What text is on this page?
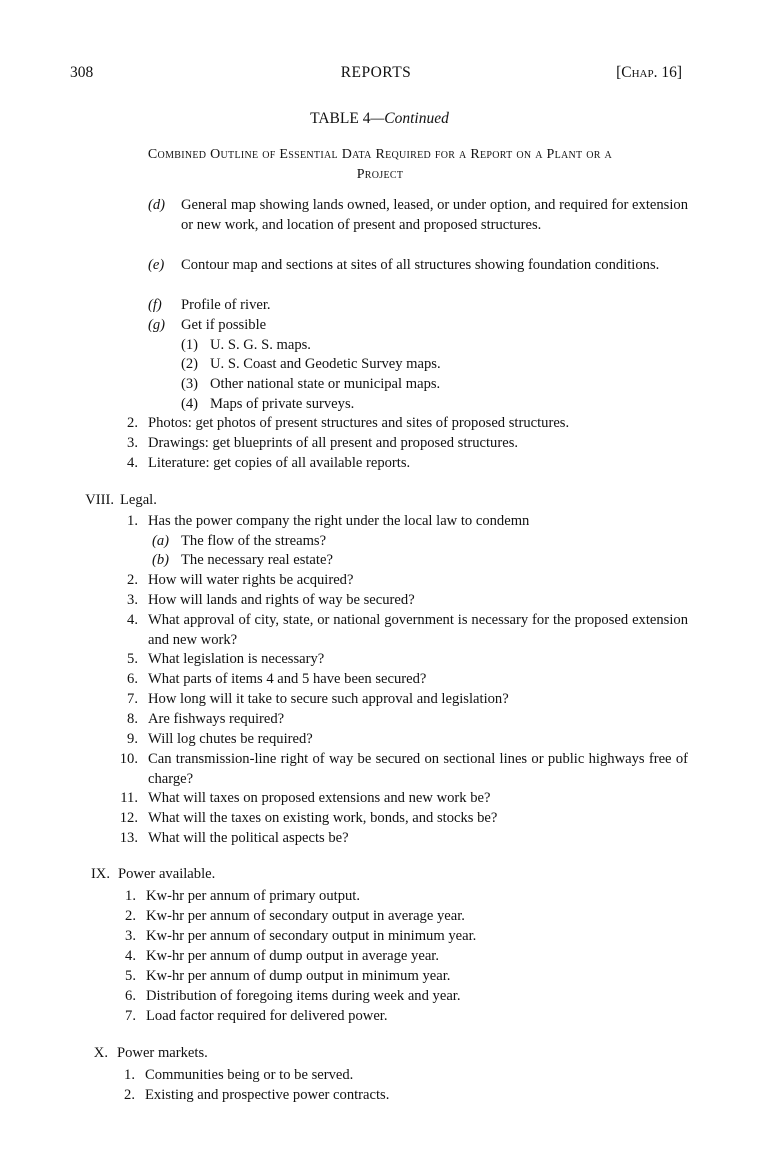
308	REPORTS	[Chap. 16]
TABLE 4—Continued
Combined Outline of Essential Data Required for a Report on a Plant or a
Project
(d) General map showing lands owned, leased, or under option, and required for extension or new work, and location of present and proposed structures.
(e) Contour map and sections at sites of all structures showing foundation conditions.
(f) Profile of river.
(g) Get if possible
(1) U. S. G. S. maps.
(2) U. S. Coast and Geodetic Survey maps.
(3) Other national state or municipal maps.
(4) Maps of private surveys.
2. Photos: get photos of present structures and sites of proposed structures.
3. Drawings: get blueprints of all present and proposed structures.
4. Literature: get copies of all available reports.
VIII. Legal.
1. Has the power company the right under the local law to condemn
(a) The flow of the streams?
(b) The necessary real estate?
2. How will water rights be acquired?
3. How will lands and rights of way be secured?
4. What approval of city, state, or national government is necessary for the proposed extension and new work?
5. What legislation is necessary?
6. What parts of items 4 and 5 have been secured?
7. How long will it take to secure such approval and legislation?
8. Are fishways required?
9. Will log chutes be required?
10. Can transmission-line right of way be secured on sectional lines or public highways free of charge?
11. What will taxes on proposed extensions and new work be?
12. What will the taxes on existing work, bonds, and stocks be?
13. What will the political aspects be?
IX. Power available.
1. Kw-hr per annum of primary output.
2. Kw-hr per annum of secondary output in average year.
3. Kw-hr per annum of secondary output in minimum year.
4. Kw-hr per annum of dump output in average year.
5. Kw-hr per annum of dump output in minimum year.
6. Distribution of foregoing items during week and year.
7. Load factor required for delivered power.
X. Power markets.
1. Communities being or to be served.
2. Existing and prospective power contracts.
